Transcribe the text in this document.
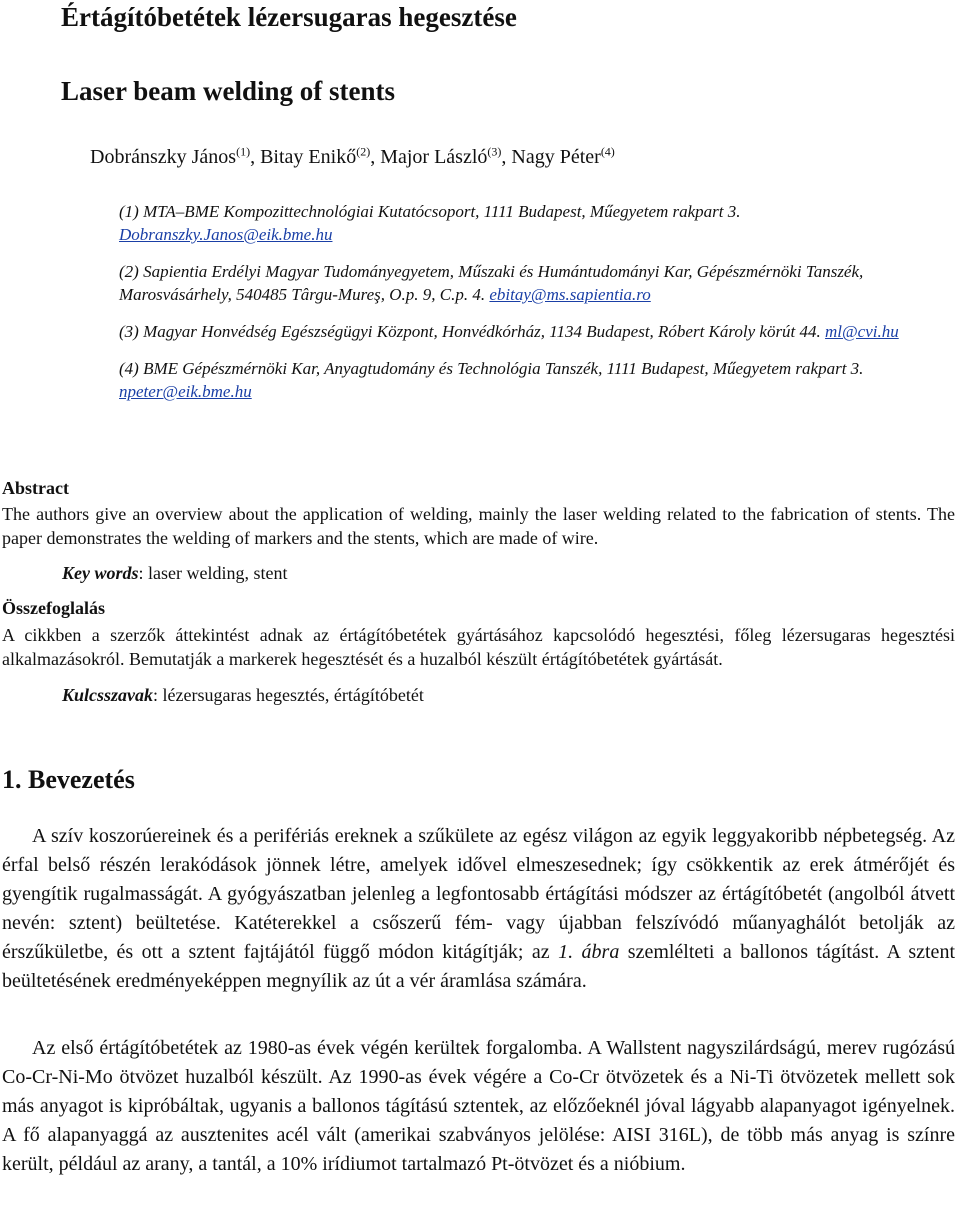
Értágítóbetétek lézersugaras hegesztése
Laser beam welding of stents
Dobránszky János$^{(1)}$, Bitay Enikő$^{(2)}$, Major László$^{(3)}$, Nagy Péter$^{(4)}$

(1) MTA–BME Kompozittechnológiai Kutatócsoport, 1111 Budapest, Műegyetem rakpart 3. Dobranszky.Janos@eik.bme.hu

(2) Sapientia Erdélyi Magyar Tudományegyetem, Műszaki és Humántudományi Kar, Gépészmérnöki Tanszék, Marosvásárhely, 540485 Târgu-Mureş, O.p. 9, C.p. 4. ebitay@ms.sapientia.ro

(3) Magyar Honvédség Egészségügyi Központ, Honvédkórház, 1134 Budapest, Róbert Károly körút 44. ml@cvi.hu

(4) BME Gépészmérnöki Kar, Anyagtudomány és Technológia Tanszék, 1111 Budapest, Műegyetem rakpart 3. npeter@eik.bme.hu

Abstract

The authors give an overview about the application of welding, mainly the laser welding related to the fabrication of stents. The paper demonstrates the welding of markers and the stents, which are made of wire.

Key words: laser welding, stent
Összefoglalás

A cikkben a szerzők áttekintést adnak az értágítóbetétek gyártásához kapcsolódó hegesztési, főleg lézersugaras hegesztési alkalmazásokról. Bemutatják a markerek hegesztését és a huzalból készült értágítóbetétek gyártását.

Kulcsszavak: lézersugaras hegesztés, értágítóbetét
1. Bevezetés

A szív koszorúereinek és a perifériás ereknek a szűkülete az egész világon az egyik leggyakoribb népbetegség. Az érfal belső részén lerakódások jönnek létre, amelyek idővel elmeszesednek; így csökkentik az erek átmérőjét és gyengítik rugalmasságát. A gyógyászatban jelenleg a legfontosabb értágítási módszer az értágítóbetét (angolból átvett nevén: sztent) beültetése. Katéterekkel a csőszerű fém- vagy újabban felszívódó műanyaghálót betolják az érszűkületbe, és ott a sztent fajtájától függő módon kitágítják; az 1. ábra szemlélteti a ballonos tágítást. A sztent beültetésének eredményeképpen megnyílik az út a vér áramlása számára.

Az első értágítóbetétek az 1980-as évek végén kerültek forgalomba. A Wallstent nagyszilárdságú, merev rugózású Co-Cr-Ni-Mo ötvözet huzalból készült. Az 1990-as évek végére a Co-Cr ötvözetek és a Ni-Ti ötvözetek mellett sok más anyagot is kipróbáltak, ugyanis a ballonos tágítású sztentek, az előzőeknél jóval lágyabb alapanyagot igényelnek. A fő alapanyaggá az ausztenites acél vált (amerikai szabványos jelölése: AISI 316L), de több más anyag is színre került, például az arany, a tantál, a 10% irídiumot tartalmazó Pt-ötvözet és a nióbium.
